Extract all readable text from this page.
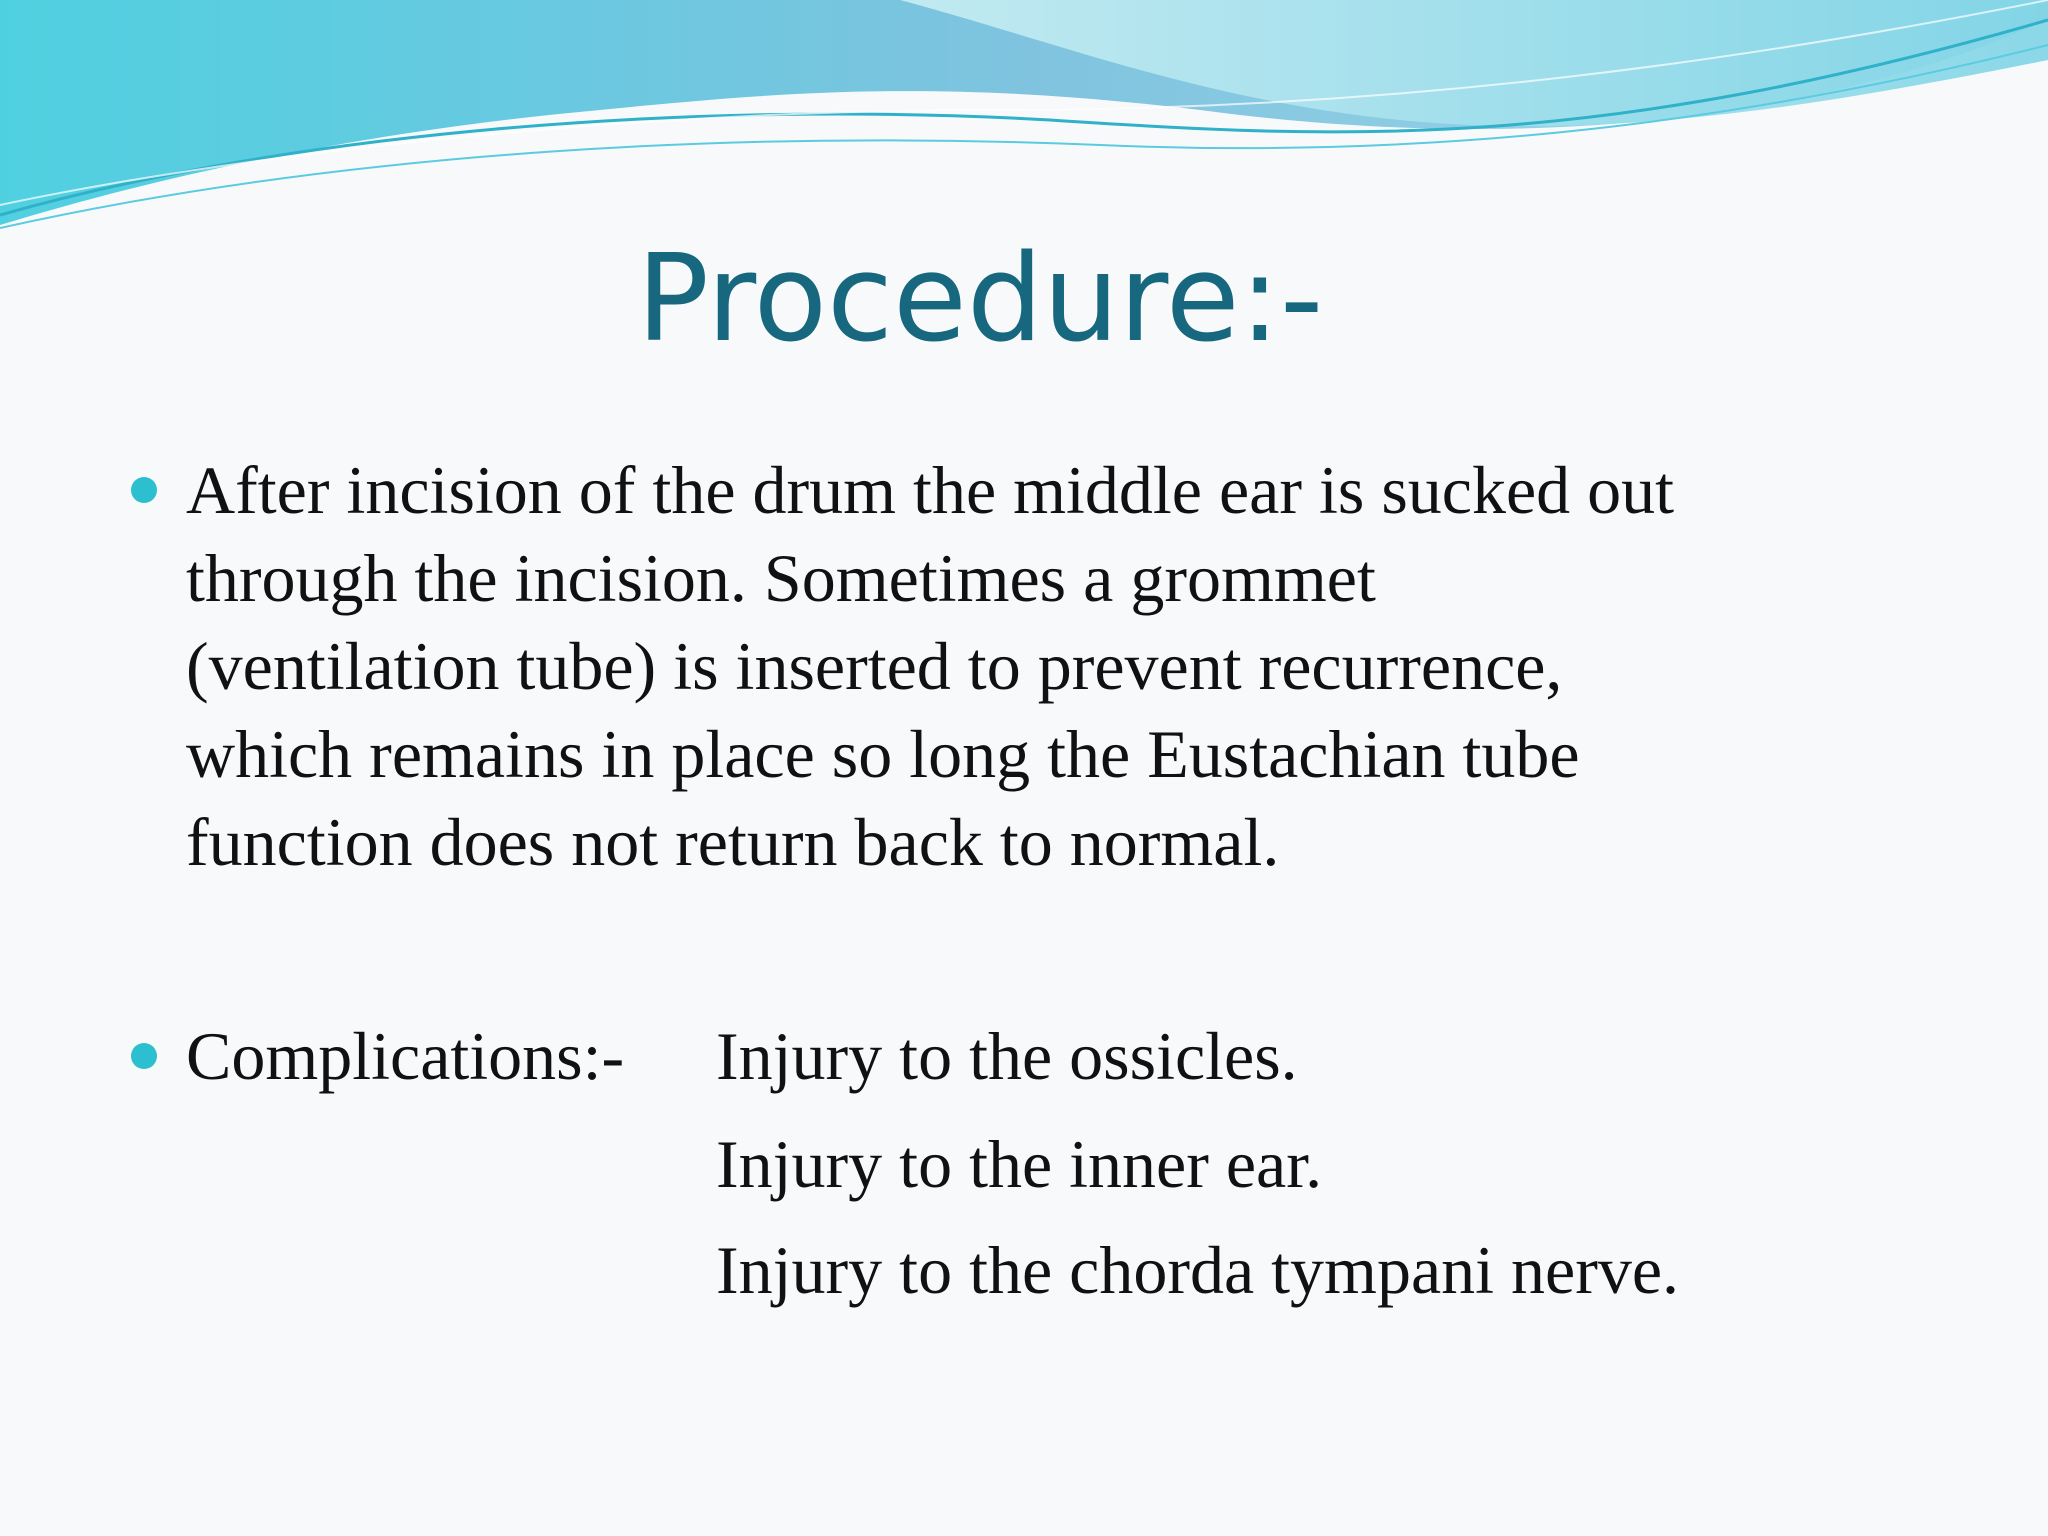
Procedure:-
After incision of the drum the middle ear is sucked out
through the incision. Sometimes a grommet
(ventilation tube) is inserted to prevent recurrence,
which remains in place so long the Eustachian tube
function does not return back to normal.
Complications:- Injury to the ossicles.
Injury to the inner ear.
Injury to the chorda tympani nerve.
